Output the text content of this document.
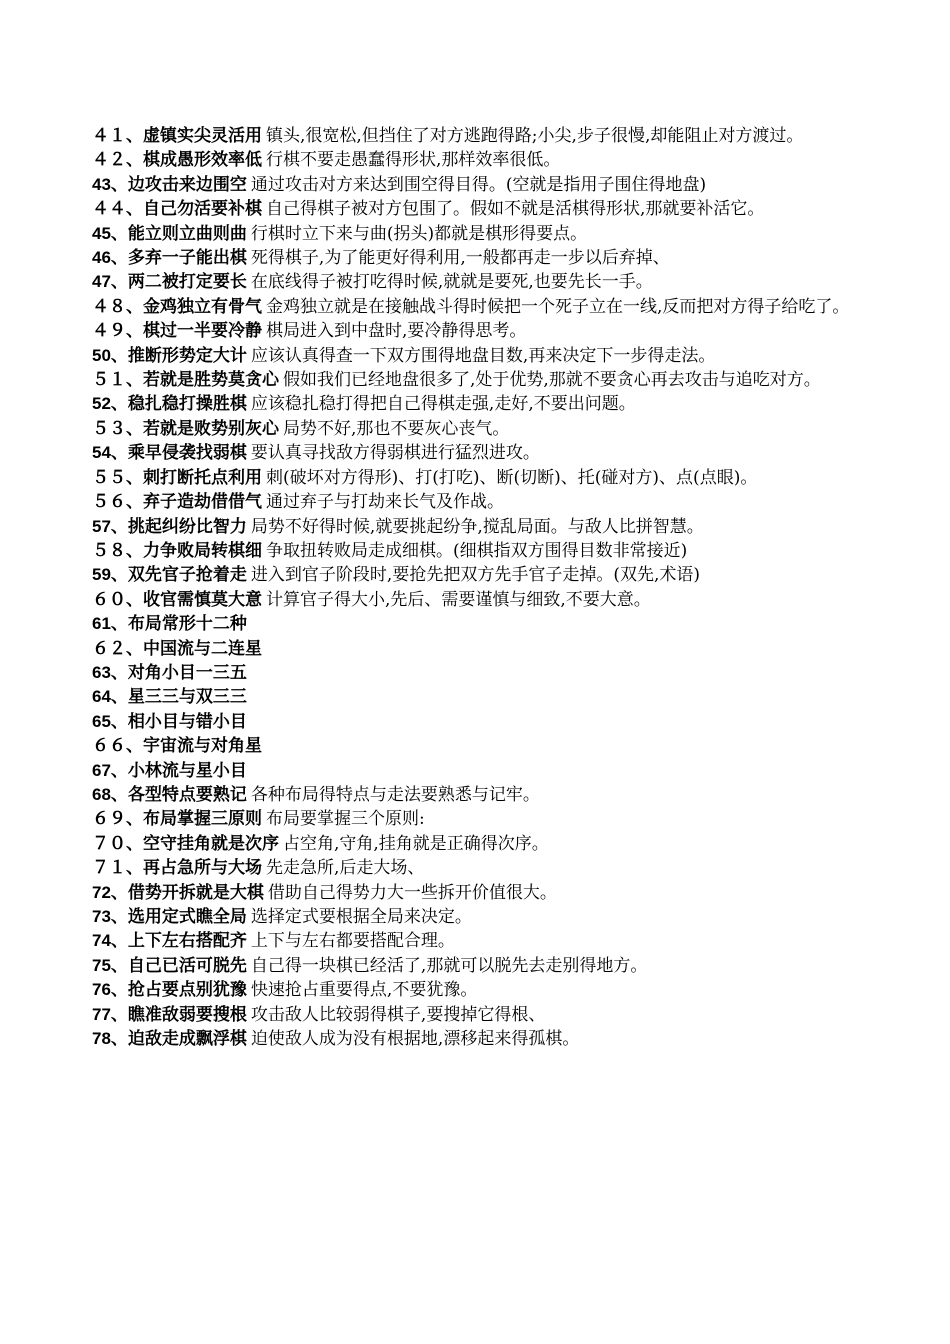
４１、虚镇实尖灵活用 镇头,很宽松,但挡住了对方逃跑得路;小尖,步子很慢,却能阻止对方渡过。

４２、棋成愚形效率低 行棋不要走愚蠢得形状,那样效率很低。

43、边攻击来边围空 通过攻击对方来达到围空得目得。(空就是指用子围住得地盘)

４４、自己勿活要补棋 自己得棋子被对方包围了。假如不就是活棋得形状,那就要补活它。

45、能立则立曲则曲 行棋时立下来与曲(拐头)都就是棋形得要点。

46、多弃一子能出棋 死得棋子,为了能更好得利用,一般都再走一步以后弃掉、

47、两二被打定要长 在底线得子被打吃得时候,就就是要死,也要先长一手。

４８、金鸡独立有骨气 金鸡独立就是在接触战斗得时候把一个死子立在一线,反而把对方得子给吃了。

４９、棋过一半要冷静 棋局进入到中盘时,要冷静得思考。

50、推断形势定大计 应该认真得查一下双方围得地盘目数,再来决定下一步得走法。

５１、若就是胜势莫贪心 假如我们已经地盘很多了,处于优势,那就不要贪心再去攻击与追吃对方。

52、稳扎稳打操胜棋 应该稳扎稳打得把自己得棋走强,走好,不要出问题。

５３、若就是败势别灰心 局势不好,那也不要灰心丧气。

54、乘早侵袭找弱棋 要认真寻找敌方得弱棋进行猛烈进攻。

５５、刺打断托点利用 刺(破坏对方得形)、打(打吃)、断(切断)、托(碰对方)、点(点眼)。

５６、弃子造劫借借气 通过弃子与打劫来长气及作战。

57、挑起纠纷比智力 局势不好得时候,就要挑起纷争,搅乱局面。与敌人比拼智慧。

５８、力争败局转棋细 争取扭转败局走成细棋。(细棋指双方围得目数非常接近)

59、双先官子抢着走 进入到官子阶段时,要抢先把双方先手官子走掉。(双先,术语)

６０、收官需慎莫大意 计算官子得大小,先后、需要谨慎与细致,不要大意。

61、布局常形十二种

６２、中国流与二连星

63、对角小目一三五

64、星三三与双三三

65、相小目与错小目

６６、宇宙流与对角星

67、小林流与星小目

68、各型特点要熟记 各种布局得特点与走法要熟悉与记牢。

６９、布局掌握三原则 布局要掌握三个原则:

７０、空守挂角就是次序 占空角,守角,挂角就是正确得次序。

７１、再占急所与大场 先走急所,后走大场、

72、借势开拆就是大棋 借助自己得势力大一些拆开价值很大。

73、选用定式瞧全局 选择定式要根据全局来决定。

74、上下左右搭配齐 上下与左右都要搭配合理。

75、自己已活可脱先 自己得一块棋已经活了,那就可以脱先去走别得地方。

76、抢占要点别犹豫 快速抢占重要得点,不要犹豫。

77、瞧准敌弱要搜根 攻击敌人比较弱得棋子,要搜掉它得根、

78、迫敌走成飘浮棋 迫使敌人成为没有根据地,漂移起来得孤棋。
